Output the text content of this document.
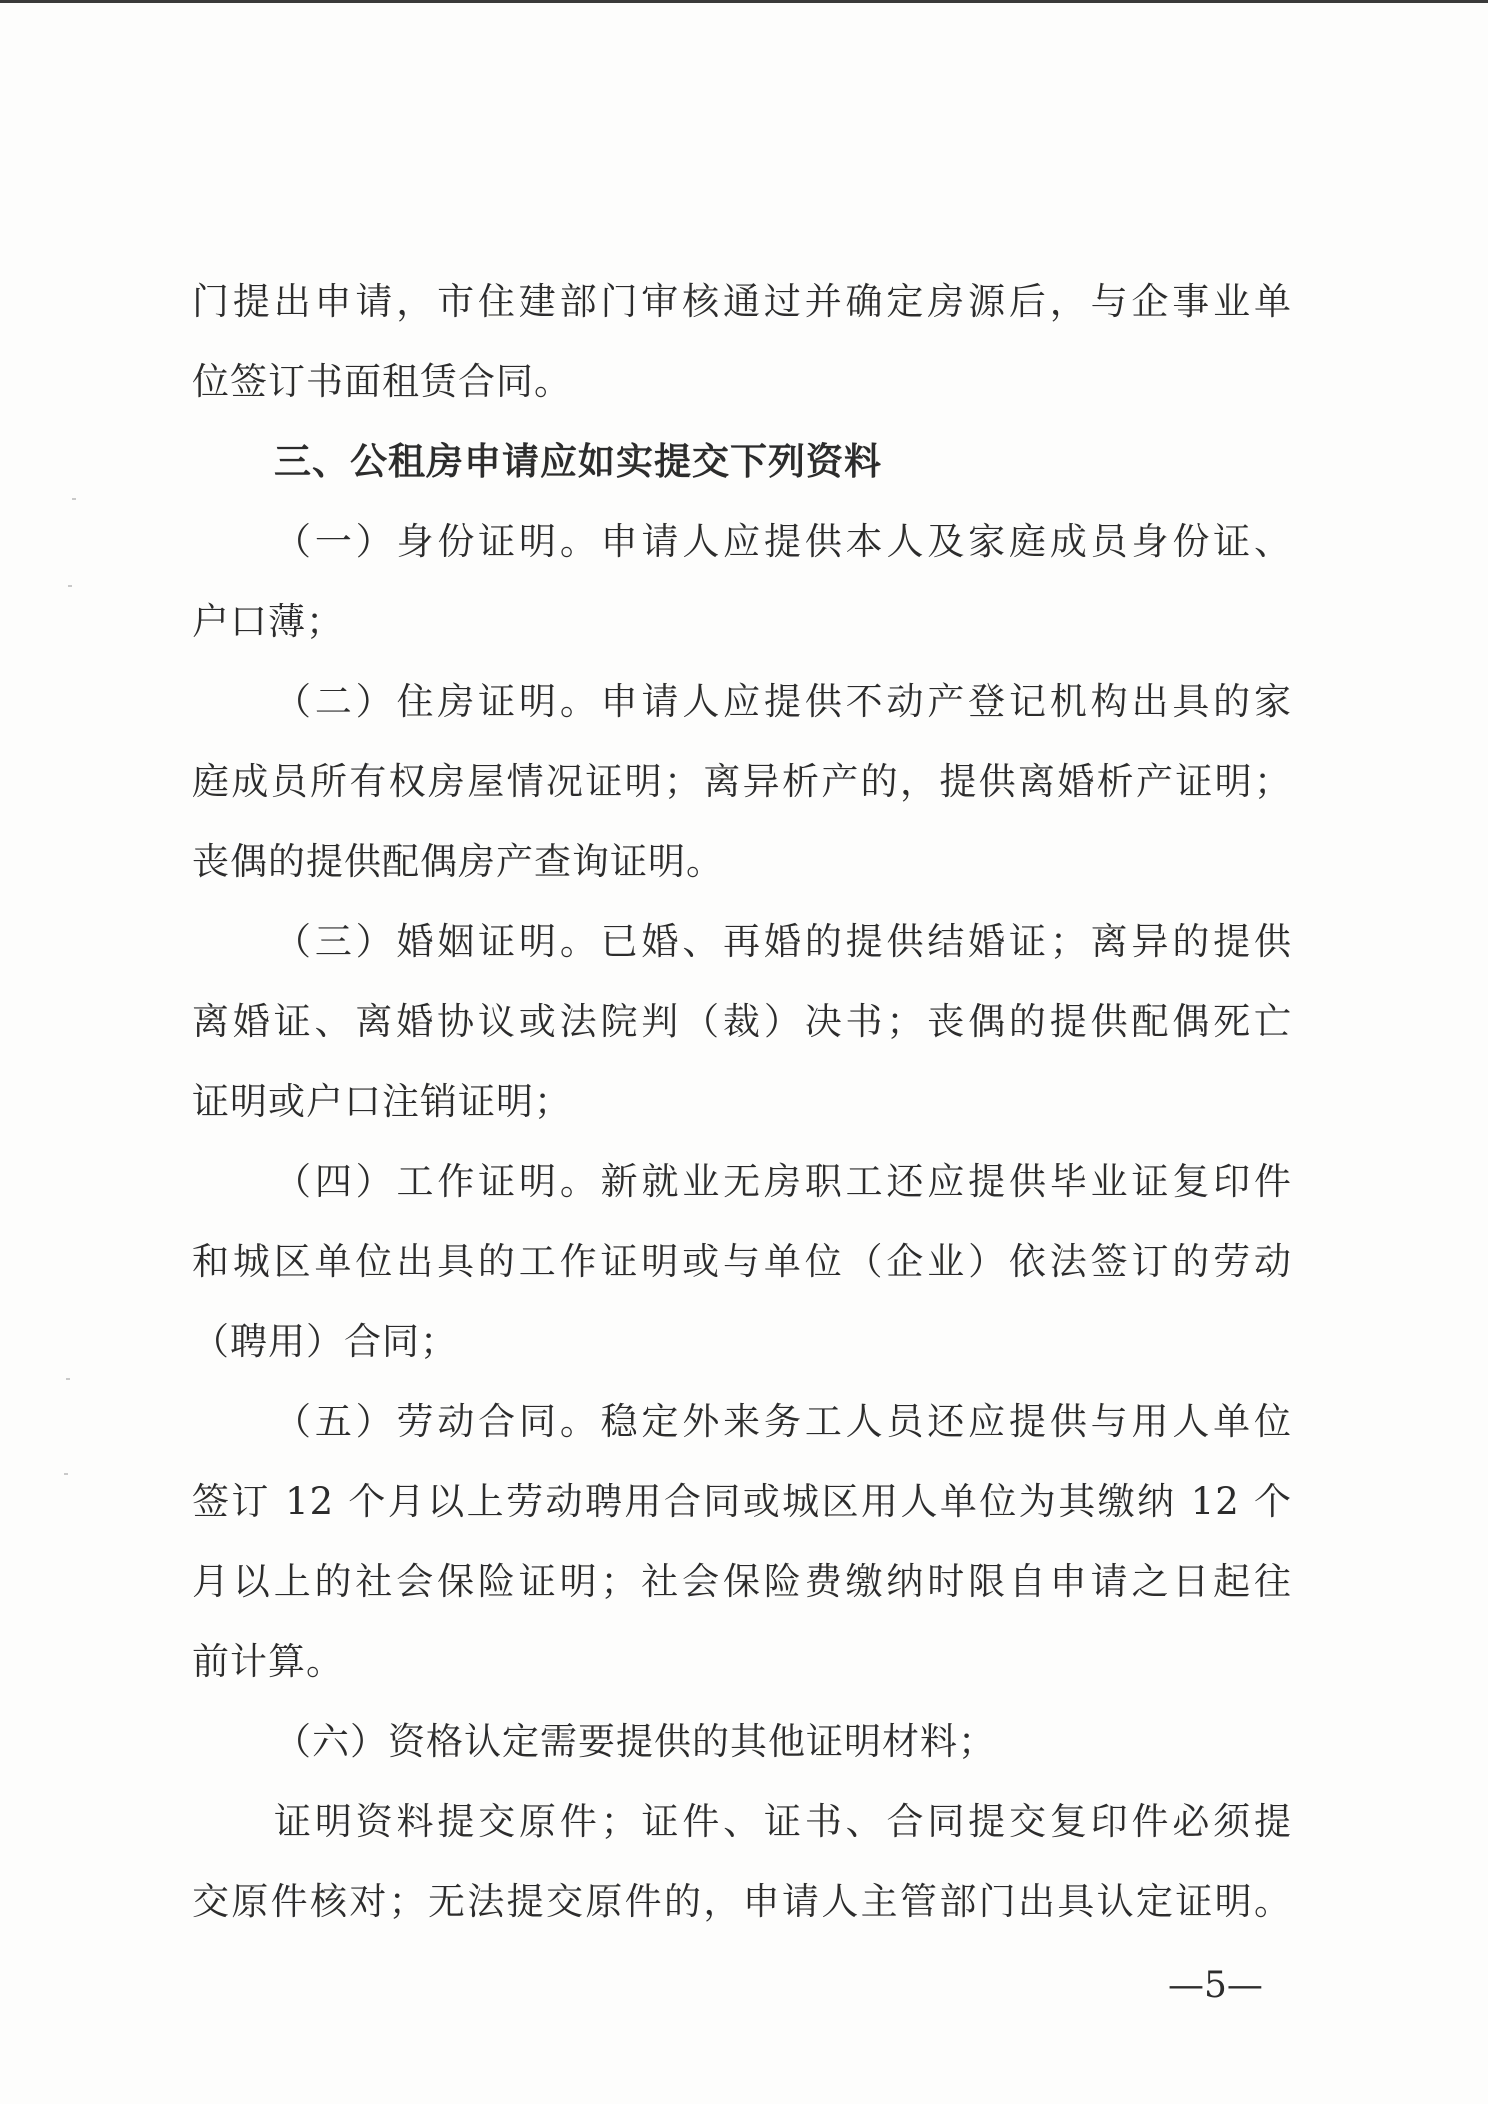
门提出申请，市住建部门审核通过并确定房源后，与企事业单
位签订书面租赁合同。
三、公租房申请应如实提交下列资料
（一）身份证明。申请人应提供本人及家庭成员身份证、
户口薄；
（二）住房证明。申请人应提供不动产登记机构出具的家
庭成员所有权房屋情况证明；离异析产的，提供离婚析产证明；
丧偶的提供配偶房产查询证明。
（三）婚姻证明。已婚、再婚的提供结婚证；离异的提供
离婚证、离婚协议或法院判（裁）决书；丧偶的提供配偶死亡
证明或户口注销证明；
（四）工作证明。新就业无房职工还应提供毕业证复印件
和城区单位出具的工作证明或与单位（企业）依法签订的劳动
（聘用）合同；
（五）劳动合同。稳定外来务工人员还应提供与用人单位
签订 12 个月以上劳动聘用合同或城区用人单位为其缴纳 12 个
月以上的社会保险证明；社会保险费缴纳时限自申请之日起往
前计算。
（六）资格认定需要提供的其他证明材料；
证明资料提交原件；证件、证书、合同提交复印件必须提
交原件核对；无法提交原件的，申请人主管部门出具认定证明。
—5—
